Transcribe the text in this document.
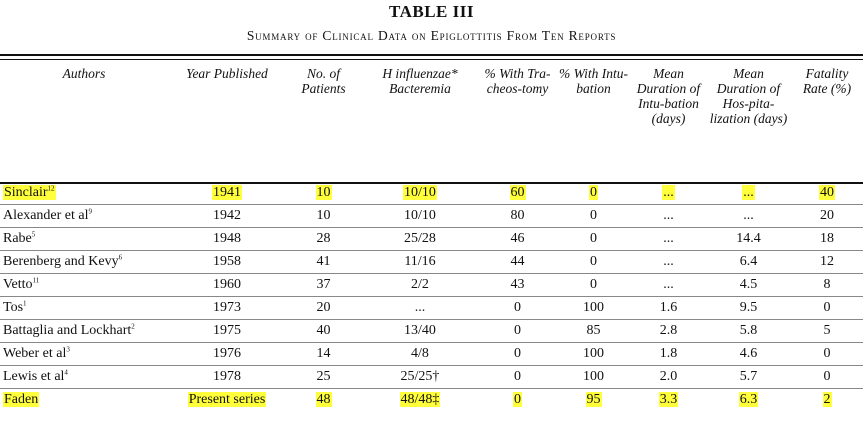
TABLE III
Summary of Clinical Data on Epiglottitis From Ten Reports
Authors	Year Published	No. of Patients	H influenzae* Bacteremia	% With Tra-cheos-tomy	% With Intu-bation	Mean Duration of Intu-bation (days)	Mean Duration of Hos-pita-lization (days)	Fatality Rate (%)
Sinclair$^{12}$	1941	10	10/10	60	0	...	...	40
Alexander et $al^9$	1942	10	10/10	80	0	...	...	20
Rabe$^5$	1948	28	25/28	46	0	...	14.4	18
Berenberg and Kevy$^6$	1958	41	11/16	44	0	...	6.4	12
Vetto$^{11}$	1960	37	2/2	43	0	...	4.5	8
Tos$^1$	1973	20	...	0	100	1.6	9.5	0
Battaglia and Lockhart$^2$	1975	40	13/40	0	85	2.8	5.8	5
Weber et $al^3$	1976	14	4/8	0	100	1.8	4.6	0
Lewis et $al^4$	1978	25	25/25†	0	100	2.0	5.7	0
Faden	Present series	48	48/48‡	0	95	3.3	6.3	2
